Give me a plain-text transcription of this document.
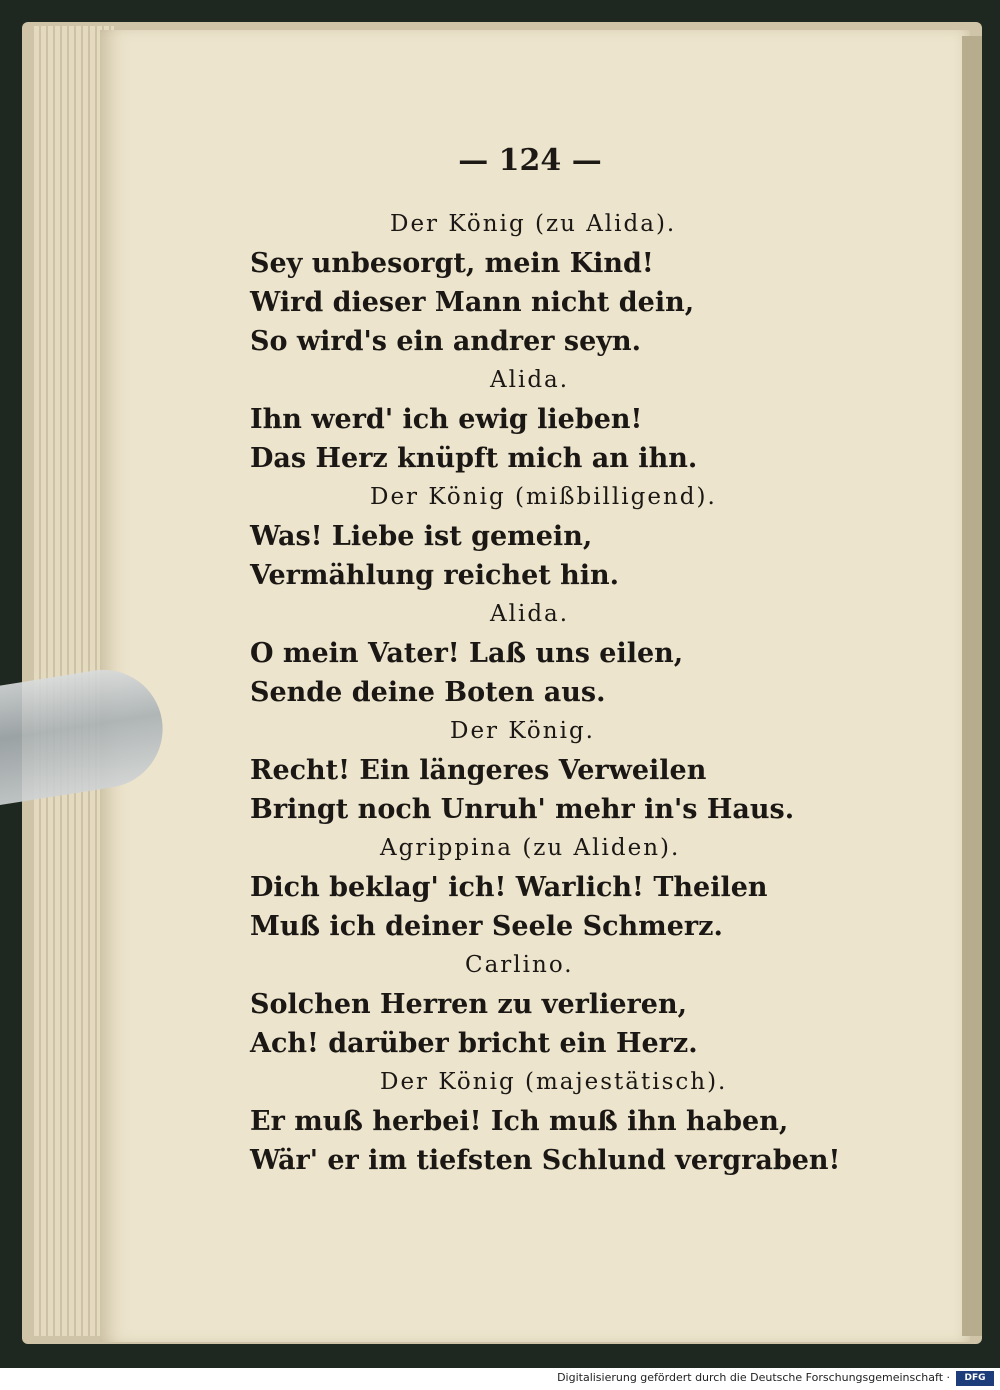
— 124 —
Der König (zu Alida).
Sey unbesorgt, mein Kind!
Wird dieser Mann nicht dein,
So wird's ein andrer seyn.
Alida.
Ihn werd' ich ewig lieben!
Das Herz knüpft mich an ihn.
Der König (mißbilligend).
Was! Liebe ist gemein,
Vermählung reichet hin.
Alida.
O mein Vater! Laß uns eilen,
Sende deine Boten aus.
Der König.
Recht! Ein längeres Verweilen
Bringt noch Unruh' mehr in's Haus.
Agrippina (zu Aliden).
Dich beklag' ich! Warlich! Theilen
Muß ich deiner Seele Schmerz.
Carlino.
Solchen Herren zu verlieren,
Ach! darüber bricht ein Herz.
Der König (majestätisch).
Er muß herbei! Ich muß ihn haben,
Wär' er im tiefsten Schlund vergraben!
Digitalisierung gefördert durch die Deutsche Forschungsgemeinschaft ·	DFG
